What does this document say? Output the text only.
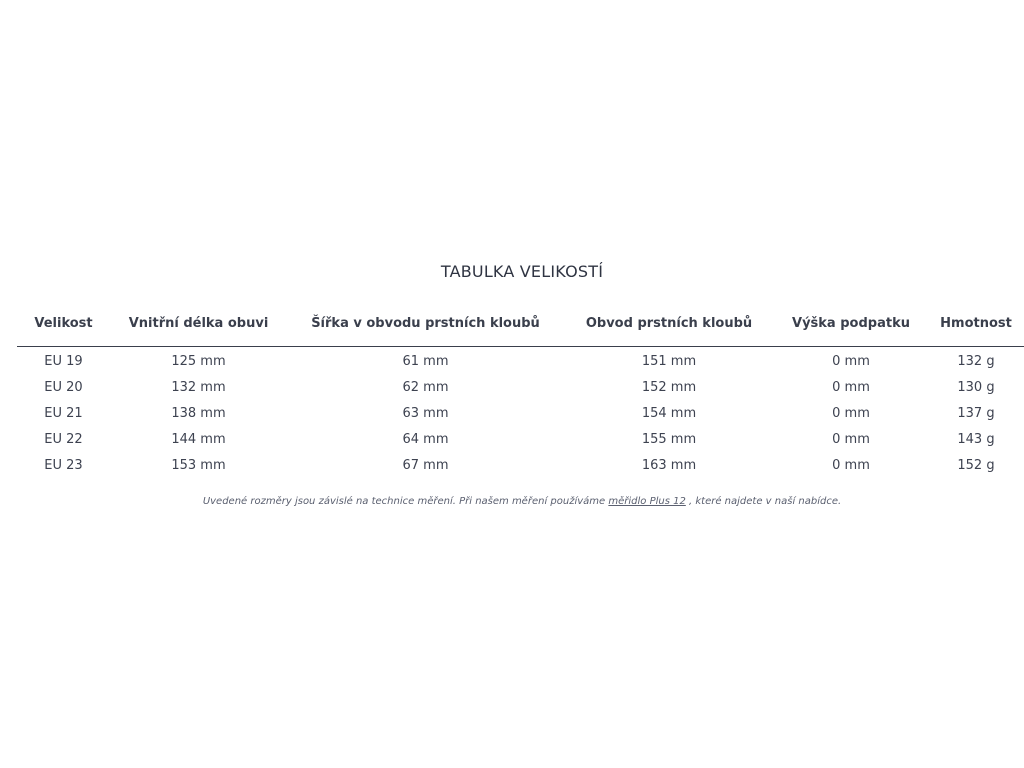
TABULKA VELIKOSTÍ
Velikost	Vnitřní délka obuvi	Šířka v obvodu prstních kloubů	Obvod prstních kloubů	Výška podpatku	Hmotnost
EU 19	125 mm	61 mm	151 mm	0 mm	132 g
EU 20	132 mm	62 mm	152 mm	0 mm	130 g
EU 21	138 mm	63 mm	154 mm	0 mm	137 g
EU 22	144 mm	64 mm	155 mm	0 mm	143 g
EU 23	153 mm	67 mm	163 mm	0 mm	152 g
Uvedené rozměry jsou závislé na technice měření. Při našem měření používáme měřidlo Plus 12 , které najdete v naší nabídce.
